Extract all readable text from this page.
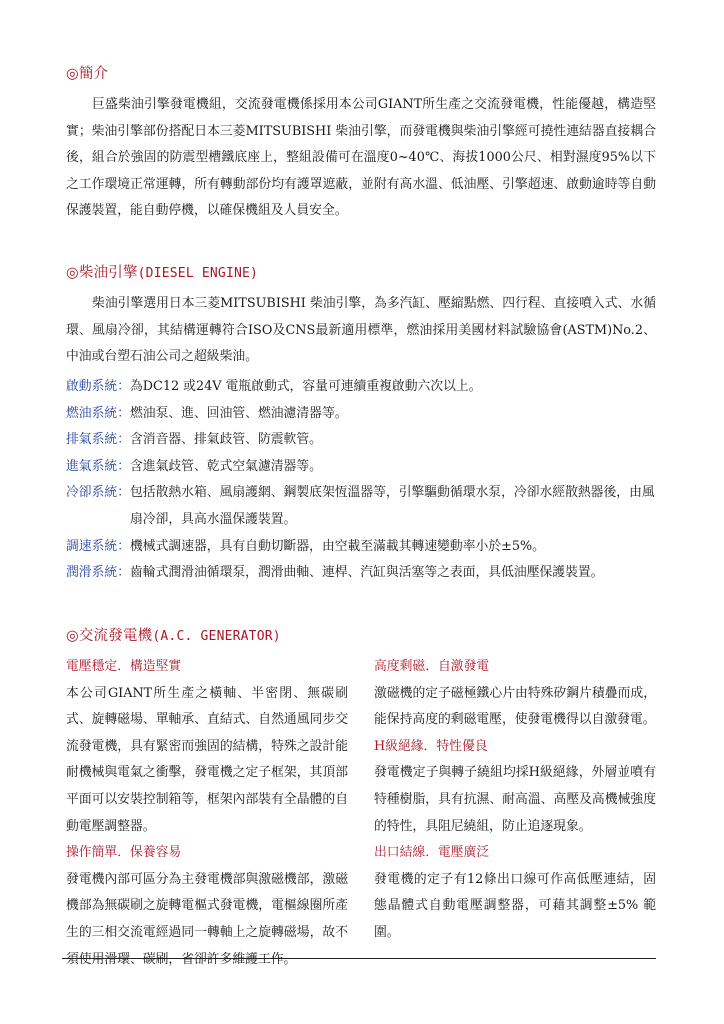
◎簡介
巨盛柴油引擎發電機組，交流發電機係採用本公司GIANT所生產之交流發電機，性能優越，構造堅實；柴油引擎部份搭配日本三菱MITSUBISHI 柴油引擎，而發電機與柴油引擎經可撓性連結器直接耦合後，組合於強固的防震型槽鐵底座上，整組設備可在溫度0~40℃、海拔1000公尺、相對濕度95%以下之工作環境正常運轉，所有轉動部份均有護罩遮蔽，並附有高水溫、低油壓、引擎超速、啟動逾時等自動保護裝置，能自動停機，以確保機組及人員安全。
◎柴油引擎(DIESEL ENGINE)
柴油引擎選用日本三菱MITSUBISHI 柴油引擎，為多汽缸、壓縮點燃、四行程、直接噴入式、水循環、風扇冷卻，其結構運轉符合ISO及CNS最新適用標準，燃油採用美國材料試驗協會(ASTM)No.2、中油或台塑石油公司之超級柴油。
啟動系統： 為DC12 或24V 電瓶啟動式，容量可連續重複啟動六次以上。
燃油系統： 燃油泵、進、回油管、燃油濾清器等。
排氣系統： 含消音器、排氣歧管、防震軟管。
進氣系統： 含進氣歧管、乾式空氣濾清器等。
冷卻系統： 包括散熱水箱、風扇護網、鋼製底架恆溫器等，引擎驅動循環水泵，冷卻水經散熱器後，由風扇冷卻，具高水溫保護裝置。
調速系統： 機械式調速器，具有自動切斷器，由空載至滿載其轉速變動率小於±5%。
潤滑系統： 齒輪式潤滑油循環泵，潤滑曲軸、連桿、汽缸與活塞等之表面，具低油壓保護裝置。
◎交流發電機(A.C. GENERATOR)
電壓穩定．構造堅實
本公司GIANT所生產之橫軸、半密閉、無碳刷式、旋轉磁場、單軸承、直結式、自然通風同步交流發電機，具有緊密而強固的結構，特殊之設計能耐機械與電氣之衝擊，發電機之定子框架，其頂部平面可以安裝控制箱等，框架內部裝有全晶體的自動電壓調整器。
操作簡單．保養容易
發電機內部可區分為主發電機部與激磁機部，激磁機部為無碳刷之旋轉電樞式發電機，電樞線圈所產生的三相交流電經過同一轉軸上之旋轉磁場，故不須使用滑環、碳刷，省卻許多維護工作。
高度剩磁．自激發電
激磁機的定子磁極鐵心片由特殊矽鋼片積疊而成，能保持高度的剩磁電壓，使發電機得以自激發電。
H級絕緣．特性優良
發電機定子與轉子繞組均採H級絕緣，外層並噴有特種樹脂，具有抗濕、耐高溫、高壓及高機械強度的特性，具阻尼繞組，防止追逐現象。
出口結線．電壓廣泛
發電機的定子有12條出口線可作高低壓連結，固態晶體式自動電壓調整器，可藉其調整±5% 範圍。
